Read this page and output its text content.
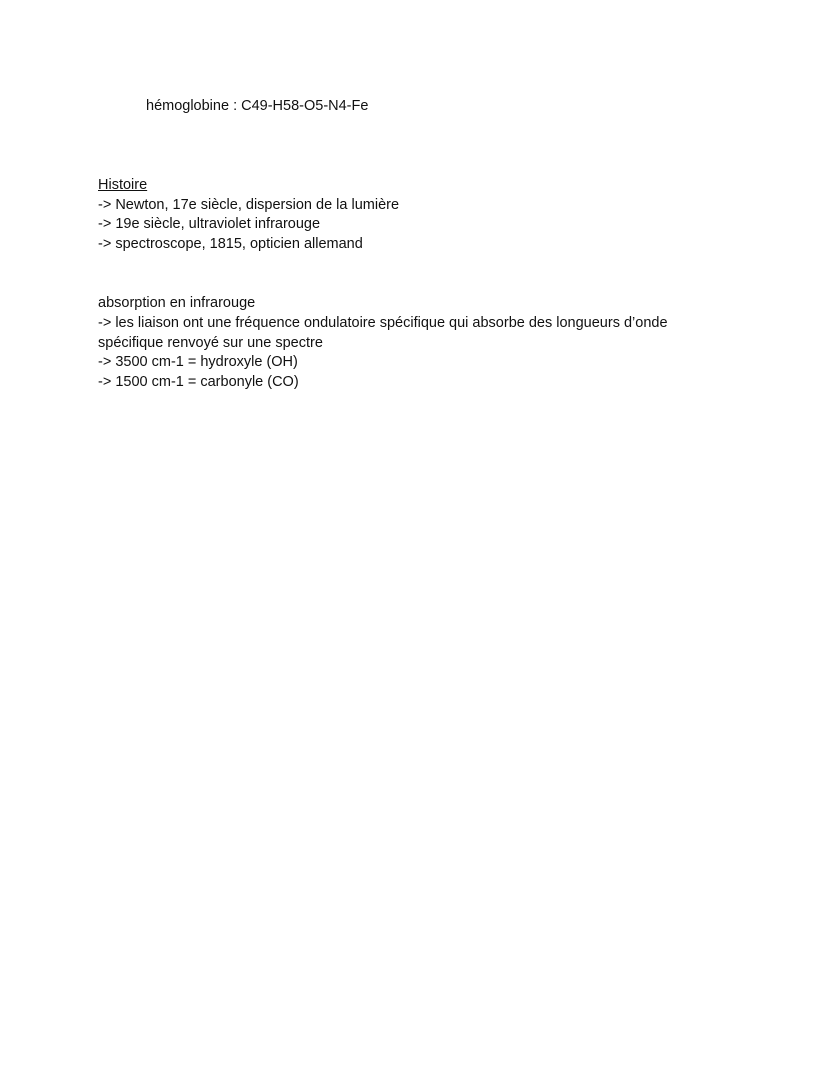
hémoglobine : C49-H58-O5-N4-Fe
Histoire
-> Newton, 17e siècle, dispersion de la lumière
-> 19e siècle, ultraviolet infrarouge
-> spectroscope, 1815, opticien allemand
absorption en infrarouge
-> les liaison ont une fréquence ondulatoire spécifique qui absorbe des longueurs d’onde
spécifique renvoyé sur une spectre
-> 3500 cm-1 = hydroxyle (OH)
-> 1500 cm-1 = carbonyle (CO)
